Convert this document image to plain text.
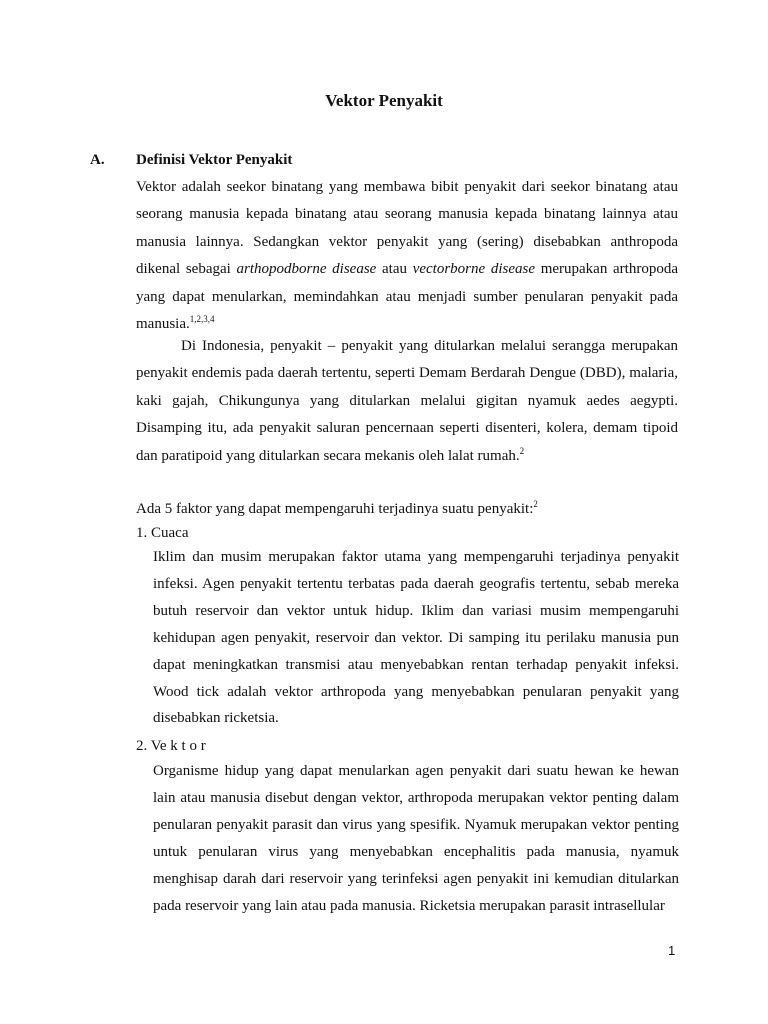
Vektor Penyakit
A. Definisi Vektor Penyakit

Vektor adalah seekor binatang yang membawa bibit penyakit dari seekor binatang atau seorang manusia kepada binatang atau seorang manusia kepada binatang lainnya atau manusia lainnya. Sedangkan vektor penyakit yang (sering) disebabkan anthropoda dikenal sebagai arthopodborne disease atau vectorborne disease merupakan arthropoda yang dapat menularkan, memindahkan atau menjadi sumber penularan penyakit pada manusia.$^{1,2,3,4}$

Di Indonesia, penyakit – penyakit yang ditularkan melalui serangga merupakan penyakit endemis pada daerah tertentu, seperti Demam Berdarah Dengue (DBD), malaria, kaki gajah, Chikungunya yang ditularkan melalui gigitan nyamuk aedes aegypti. Disamping itu, ada penyakit saluran pencernaan seperti disenteri, kolera, demam tipoid dan paratipoid yang ditularkan secara mekanis oleh lalat rumah.$^2$

Ada 5 faktor yang dapat mempengaruhi terjadinya suatu penyakit:$^2$

1. Cuaca

Iklim dan musim merupakan faktor utama yang mempengaruhi terjadinya penyakit infeksi. Agen penyakit tertentu terbatas pada daerah geografis tertentu, sebab mereka butuh reservoir dan vektor untuk hidup. Iklim dan variasi musim mempengaruhi kehidupan agen penyakit, reservoir dan vektor. Di samping itu perilaku manusia pun dapat meningkatkan transmisi atau menyebabkan rentan terhadap penyakit infeksi. Wood tick adalah vektor arthropoda yang menyebabkan penularan penyakit yang disebabkan ricketsia.

2. Ve k t o r

Organisme hidup yang dapat menularkan agen penyakit dari suatu hewan ke hewan lain atau manusia disebut dengan vektor, arthropoda merupakan vektor penting dalam penularan penyakit parasit dan virus yang spesifik. Nyamuk merupakan vektor penting untuk penularan virus yang menyebabkan encephalitis pada manusia, nyamuk menghisap darah dari reservoir yang terinfeksi agen penyakit ini kemudian ditularkan pada reservoir yang lain atau pada manusia. Ricketsia merupakan parasit intrasellular

1
